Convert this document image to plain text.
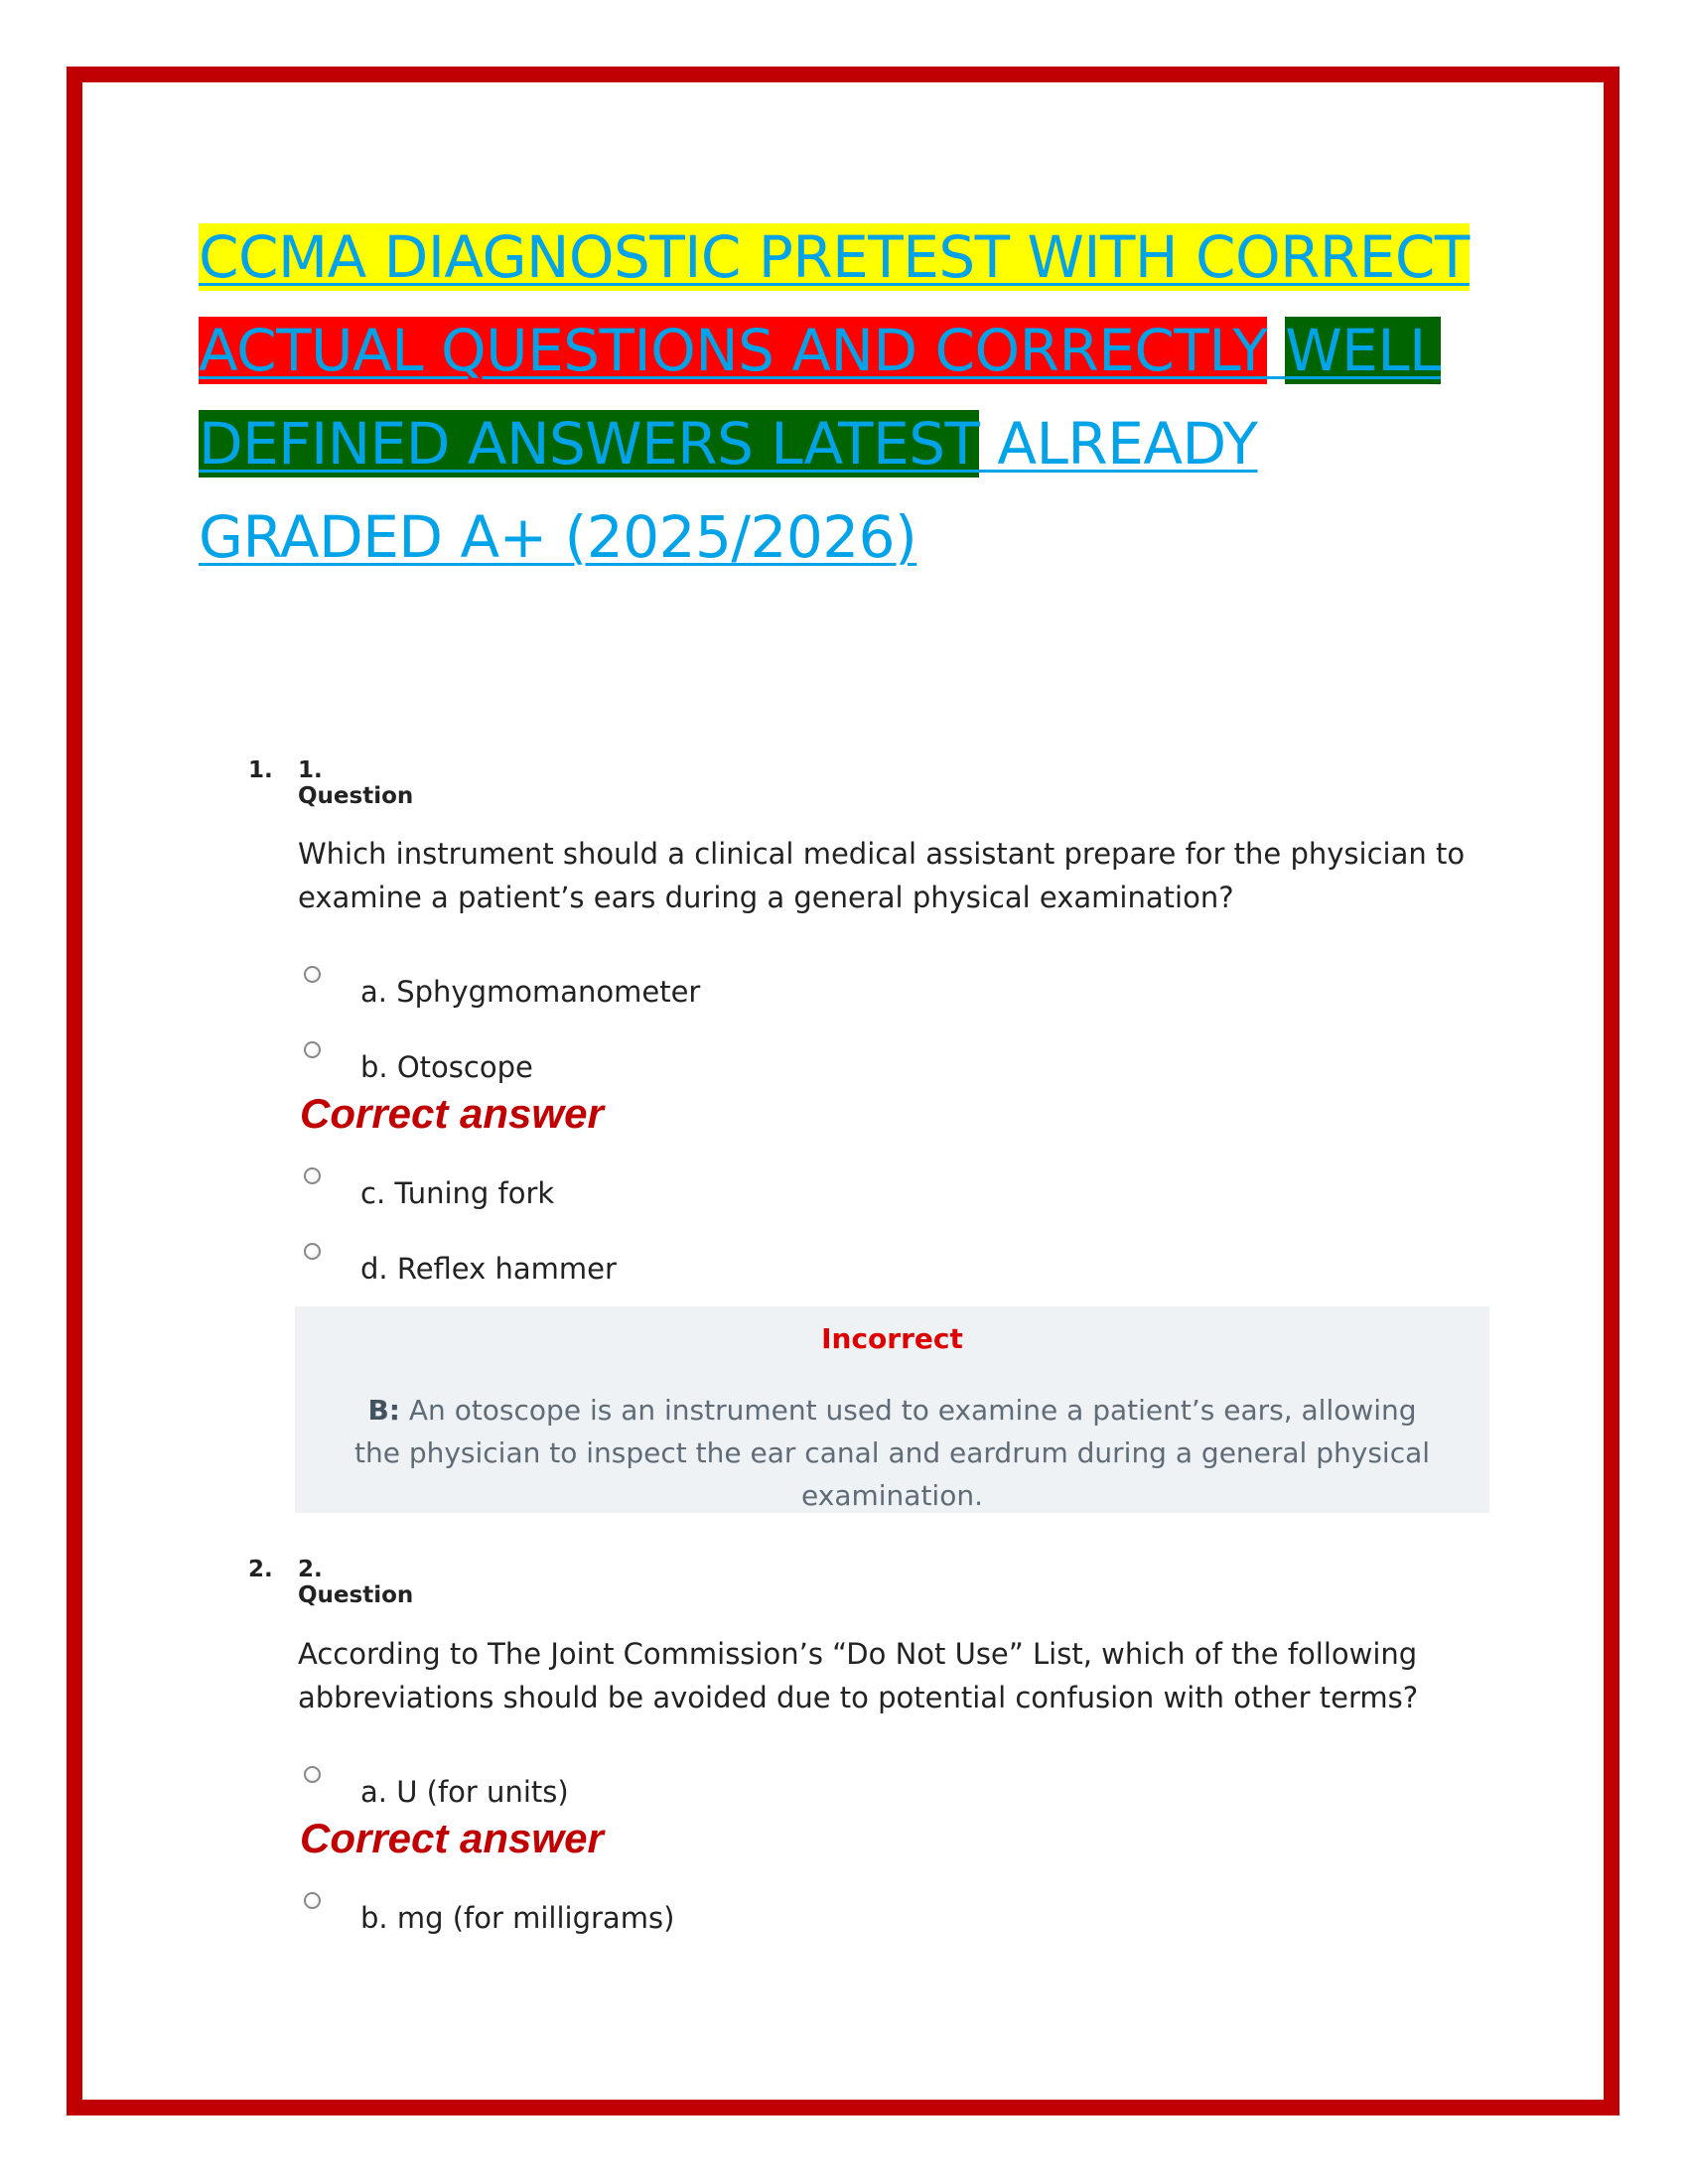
CCMA DIAGNOSTIC PRETEST WITH CORRECT ACTUAL QUESTIONS AND CORRECTLY WELL DEFINED ANSWERS LATEST ALREADY GRADED A+ (2025/2026)
1. 1. Question
Which instrument should a clinical medical assistant prepare for the physician to examine a patient’s ears during a general physical examination?
a. Sphygmomanometer
b. Otoscope
Correct answer
c. Tuning fork
d. Reflex hammer
Incorrect
B: An otoscope is an instrument used to examine a patient’s ears, allowing the physician to inspect the ear canal and eardrum during a general physical examination.
2. 2. Question
According to The Joint Commission’s “Do Not Use” List, which of the following abbreviations should be avoided due to potential confusion with other terms?
a. U (for units)
Correct answer
b. mg (for milligrams)
